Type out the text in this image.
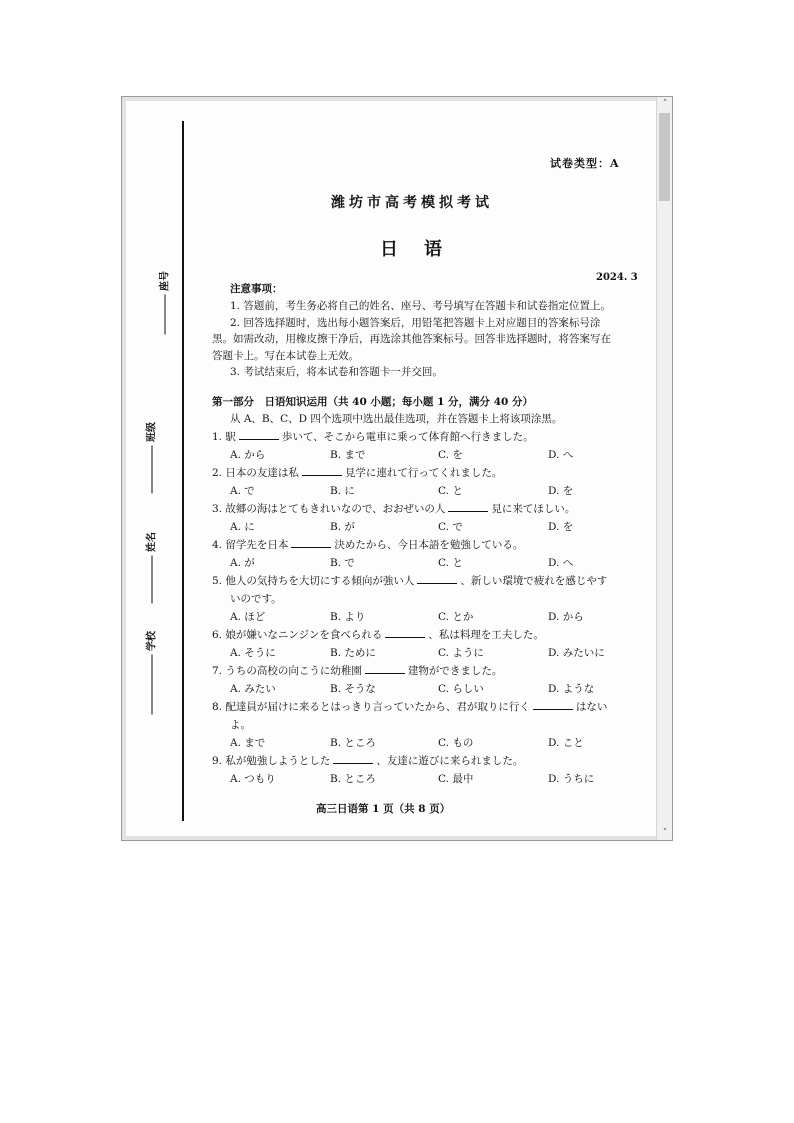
座号
班级
姓名
学校
试卷类型：A
潍坊市高考模拟考试
日语
2024. 3
注意事项：
1. 答题前，考生务必将自己的姓名、座号、考号填写在答题卡和试卷指定位置上。
2. 回答选择题时，选出每小题答案后，用铅笔把答题卡上对应题目的答案标号涂
黑。如需改动，用橡皮擦干净后，再选涂其他答案标号。回答非选择题时，将答案写在
答题卡上。写在本试卷上无效。
3. 考试结束后，将本试卷和答题卡一并交回。
第一部分　日语知识运用（共 40 小题；每小题 1 分，满分 40 分）
从 A、B、C、D 四个选项中选出最佳选项，并在答题卡上将该项涂黑。
1. 駅	歩いて、そこから電車に乗って体育館へ行きました。
A. から	B. まで	C. を	D. へ
2. 日本の友達は私	見学に連れて行ってくれました。
A. で	B. に	C. と	D. を
3. 故郷の海はとてもきれいなので、おおぜいの人	見に来てほしい。
A. に	B. が	C. で	D. を
4. 留学先を日本	決めたから、今日本語を勉強している。
A. が	B. で	C. と	D. へ
5. 他人の気持ちを大切にする傾向が強い人	、新しい環境で疲れを感じやす
いのです。
A. ほど	B. より	C. とか	D. から
6. 娘が嫌いなニンジンを食べられる	、私は料理を工夫した。
A. そうに	B. ために	C. ように	D. みたいに
7. うちの高校の向こうに幼稚園	建物ができました。
A. みたい	B. そうな	C. らしい	D. ような
8. 配達員が届けに来るとはっきり言っていたから、君が取りに行く	はない
よ。
A. まで	B. ところ	C. もの	D. こと
9. 私が勉強しようとした	、友達に遊びに来られました。
A. つもり	B. ところ	C. 最中	D. うちに
高三日语第 1 页（共 8 页）
˄
˅
